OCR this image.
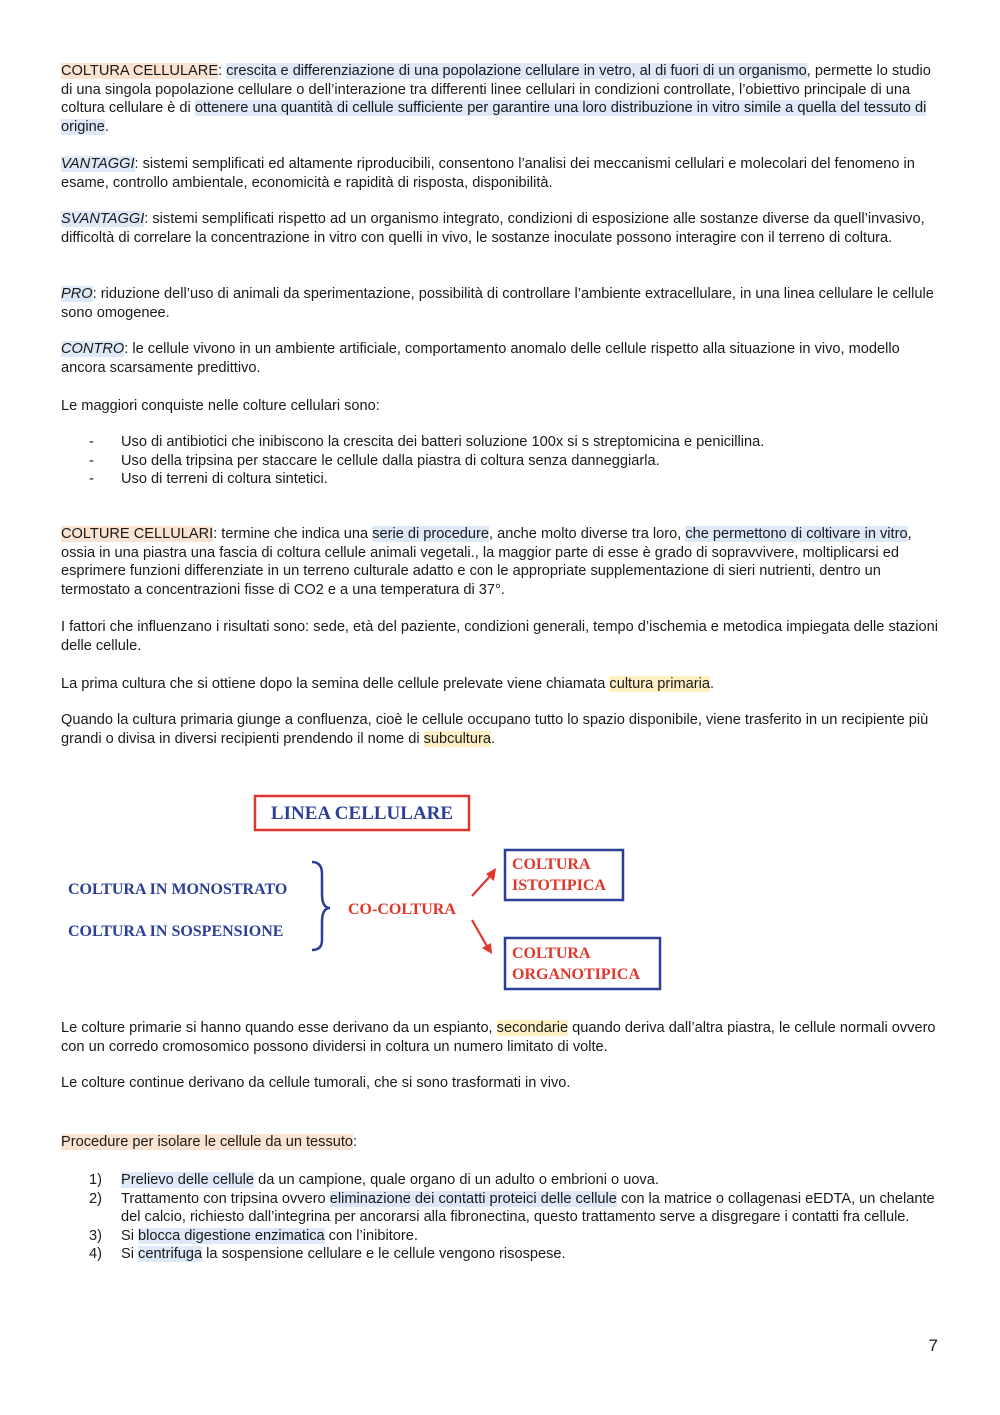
COLTURA CELLULARE: crescita e differenziazione di una popolazione cellulare in vetro, al di fuori di un organismo, permette lo studio di una singola popolazione cellulare o dell’interazione tra differenti linee cellulari in condizioni controllate, l’obiettivo principale di una coltura cellulare è di ottenere una quantità di cellule sufficiente per garantire una loro distribuzione in vitro simile a quella del tessuto di origine.
VANTAGGI: sistemi semplificati ed altamente riproducibili, consentono l’analisi dei meccanismi cellulari e molecolari del fenomeno in esame, controllo ambientale, economicità e rapidità di risposta, disponibilità.
SVANTAGGI: sistemi semplificati rispetto ad un organismo integrato, condizioni di esposizione alle sostanze diverse da quell’invasivo, difficoltà di correlare la concentrazione in vitro con quelli in vivo, le sostanze inoculate possono interagire con il terreno di coltura.
PRO: riduzione dell’uso di animali da sperimentazione, possibilità di controllare l’ambiente extracellulare, in una linea cellulare le cellule sono omogenee.
CONTRO: le cellule vivono in un ambiente artificiale, comportamento anomalo delle cellule rispetto alla situazione in vivo, modello ancora scarsamente predittivo.
Le maggiori conquiste nelle colture cellulari sono:
- Uso di antibiotici che inibiscono la crescita dei batteri soluzione 100x si s streptomicina e penicillina.
- Uso della tripsina per staccare le cellule dalla piastra di coltura senza danneggiarla.
- Uso di terreni di coltura sintetici.
COLTURE CELLULARI: termine che indica una serie di procedure, anche molto diverse tra loro, che permettono di coltivare in vitro, ossia in una piastra una fascia di coltura cellule animali vegetali., la maggior parte di esse è grado di sopravvivere, moltiplicarsi ed esprimere funzioni differenziate in un terreno culturale adatto e con le appropriate supplementazione di sieri nutrienti, dentro un termostato a concentrazioni fisse di CO2 e a una temperatura di 37°.
I fattori che influenzano i risultati sono: sede, età del paziente, condizioni generali, tempo d’ischemia e metodica impiegata delle stazioni delle cellule.
La prima cultura che si ottiene dopo la semina delle cellule prelevate viene chiamata cultura primaria.
Quando la cultura primaria giunge a confluenza, cioè le cellule occupano tutto lo spazio disponibile, viene trasferito in un recipiente più grandi o divisa in diversi recipienti prendendo il nome di subcultura.
LINEA CELLULARE
COLTURA IN MONOSTRATO
COLTURA IN SOSPENSIONE
CO-COLTURA
COLTURA
ISTOTIPICA
COLTURA
ORGANOTIPICA
Le colture primarie si hanno quando esse derivano da un espianto, secondarie quando deriva dall’altra piastra, le cellule normali ovvero con un corredo cromosomico possono dividersi in coltura un numero limitato di volte.
Le colture continue derivano da cellule tumorali, che si sono trasformati in vivo.
Procedure per isolare le cellule da un tessuto:
1) Prelievo delle cellule da un campione, quale organo di un adulto o embrioni o uova.
2) Trattamento con tripsina ovvero eliminazione dei contatti proteici delle cellule con la matrice o collagenasi eEDTA, un chelante del calcio, richiesto dall’integrina per ancorarsi alla fibronectina, questo trattamento serve a disgregare i contatti fra cellule.
3) Si blocca digestione enzimatica con l’inibitore.
4) Si centrifuga la sospensione cellulare e le cellule vengono risospese.
7
